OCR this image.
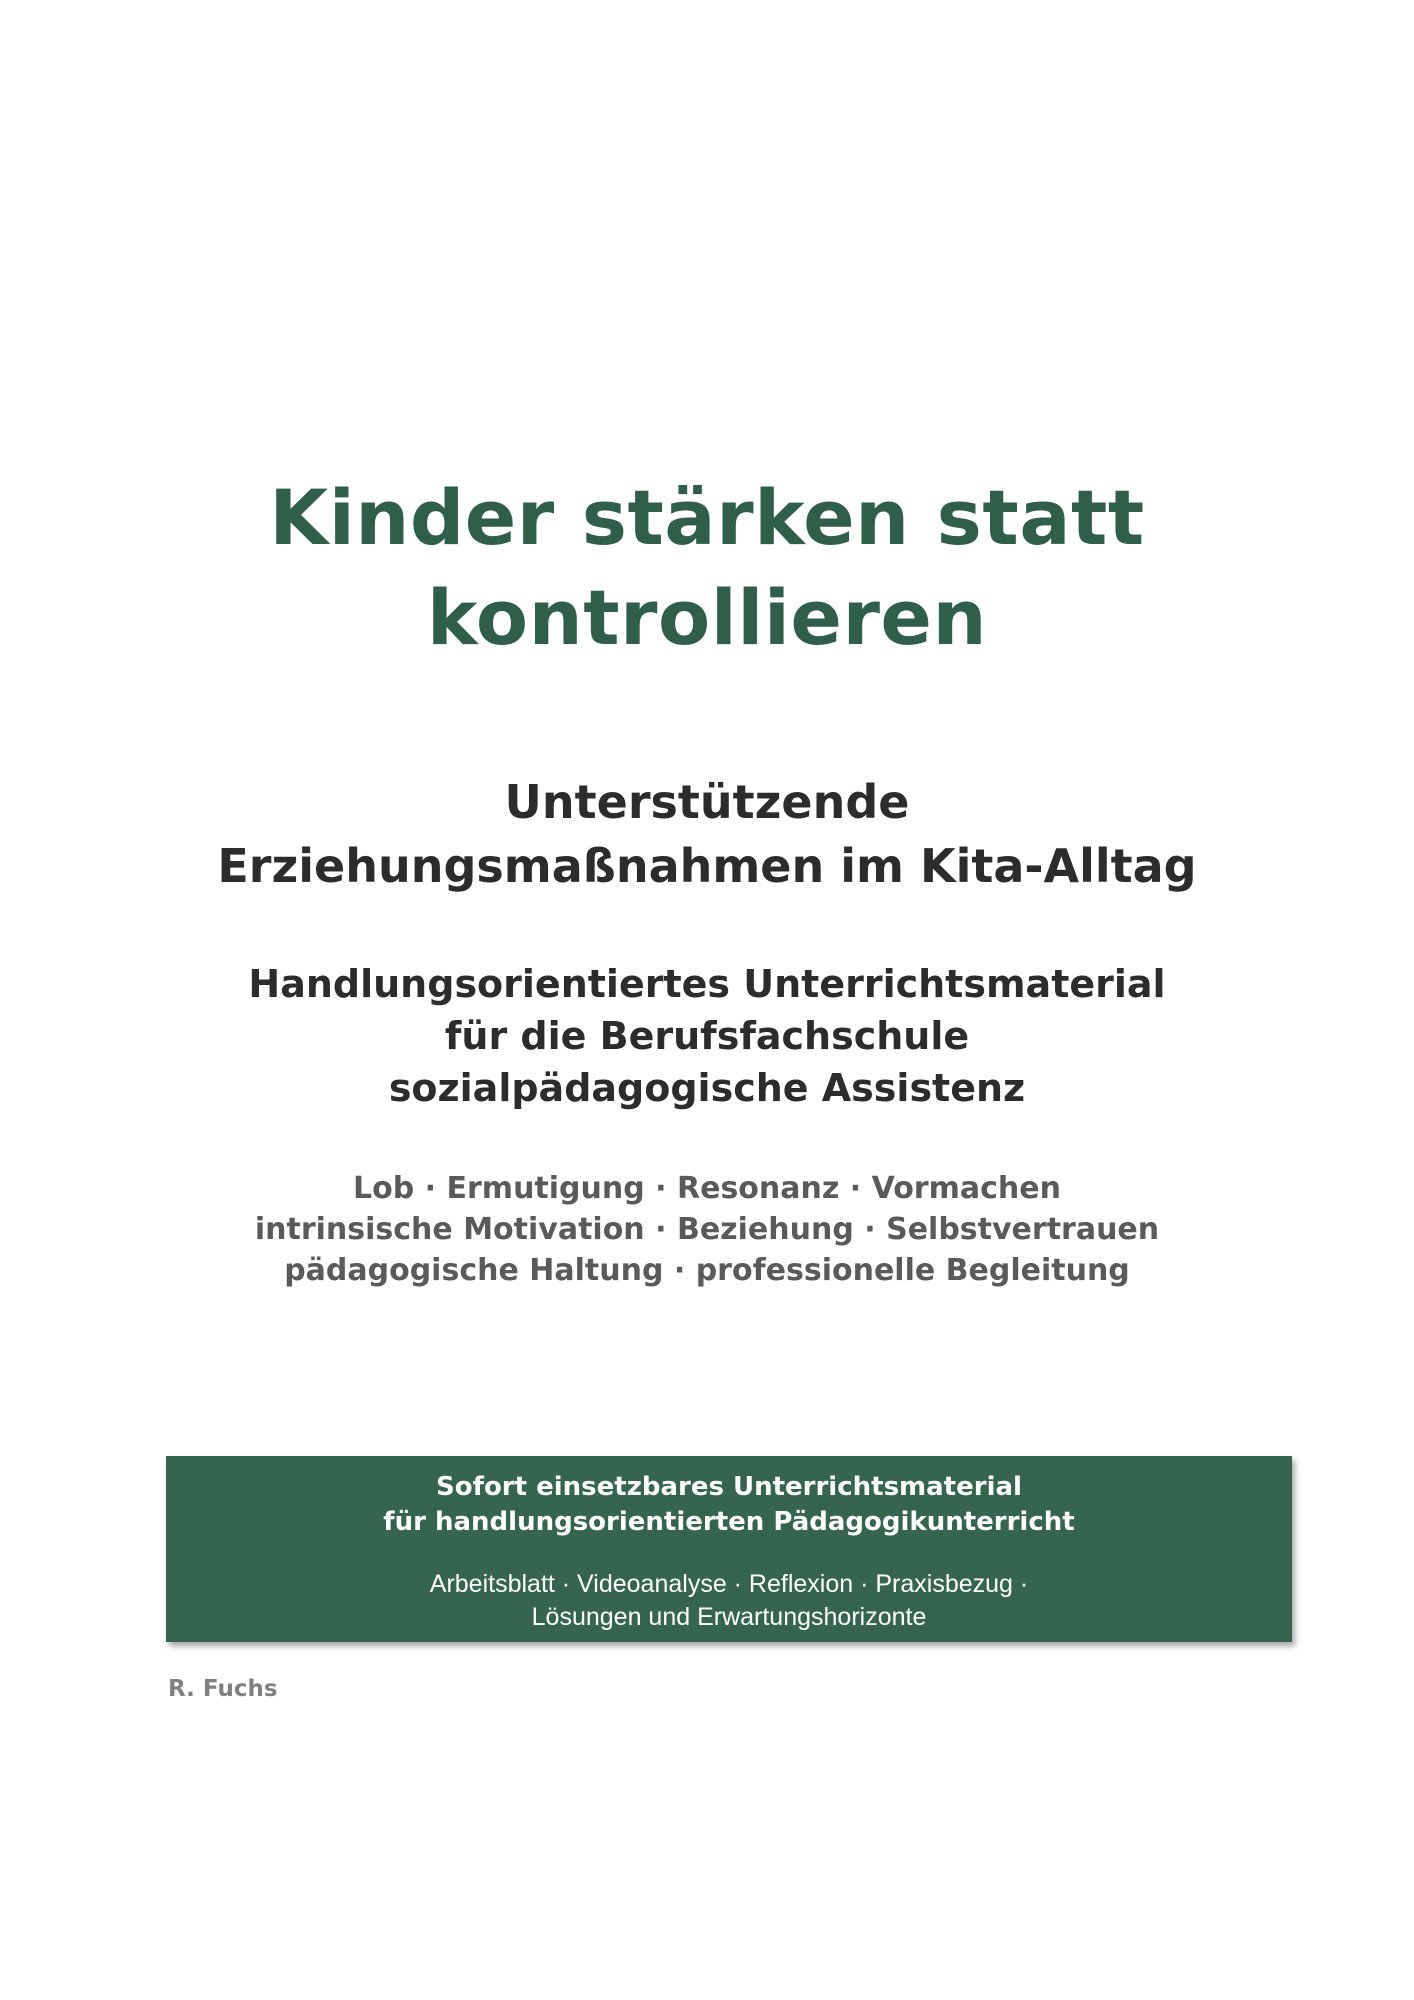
Kinder stärken statt
kontrollieren
Unterstützende
Erziehungsmaßnahmen im Kita-Alltag
Handlungsorientiertes Unterrichtsmaterial
für die Berufsfachschule
sozialpädagogische Assistenz
Lob · Ermutigung · Resonanz · Vormachen
intrinsische Motivation · Beziehung · Selbstvertrauen
pädagogische Haltung · professionelle Begleitung
Sofort einsetzbares Unterrichtsmaterial
für handlungsorientierten Pädagogikunterricht
Arbeitsblatt · Videoanalyse · Reflexion · Praxisbezug ·
Lösungen und Erwartungshorizonte
R. Fuchs
